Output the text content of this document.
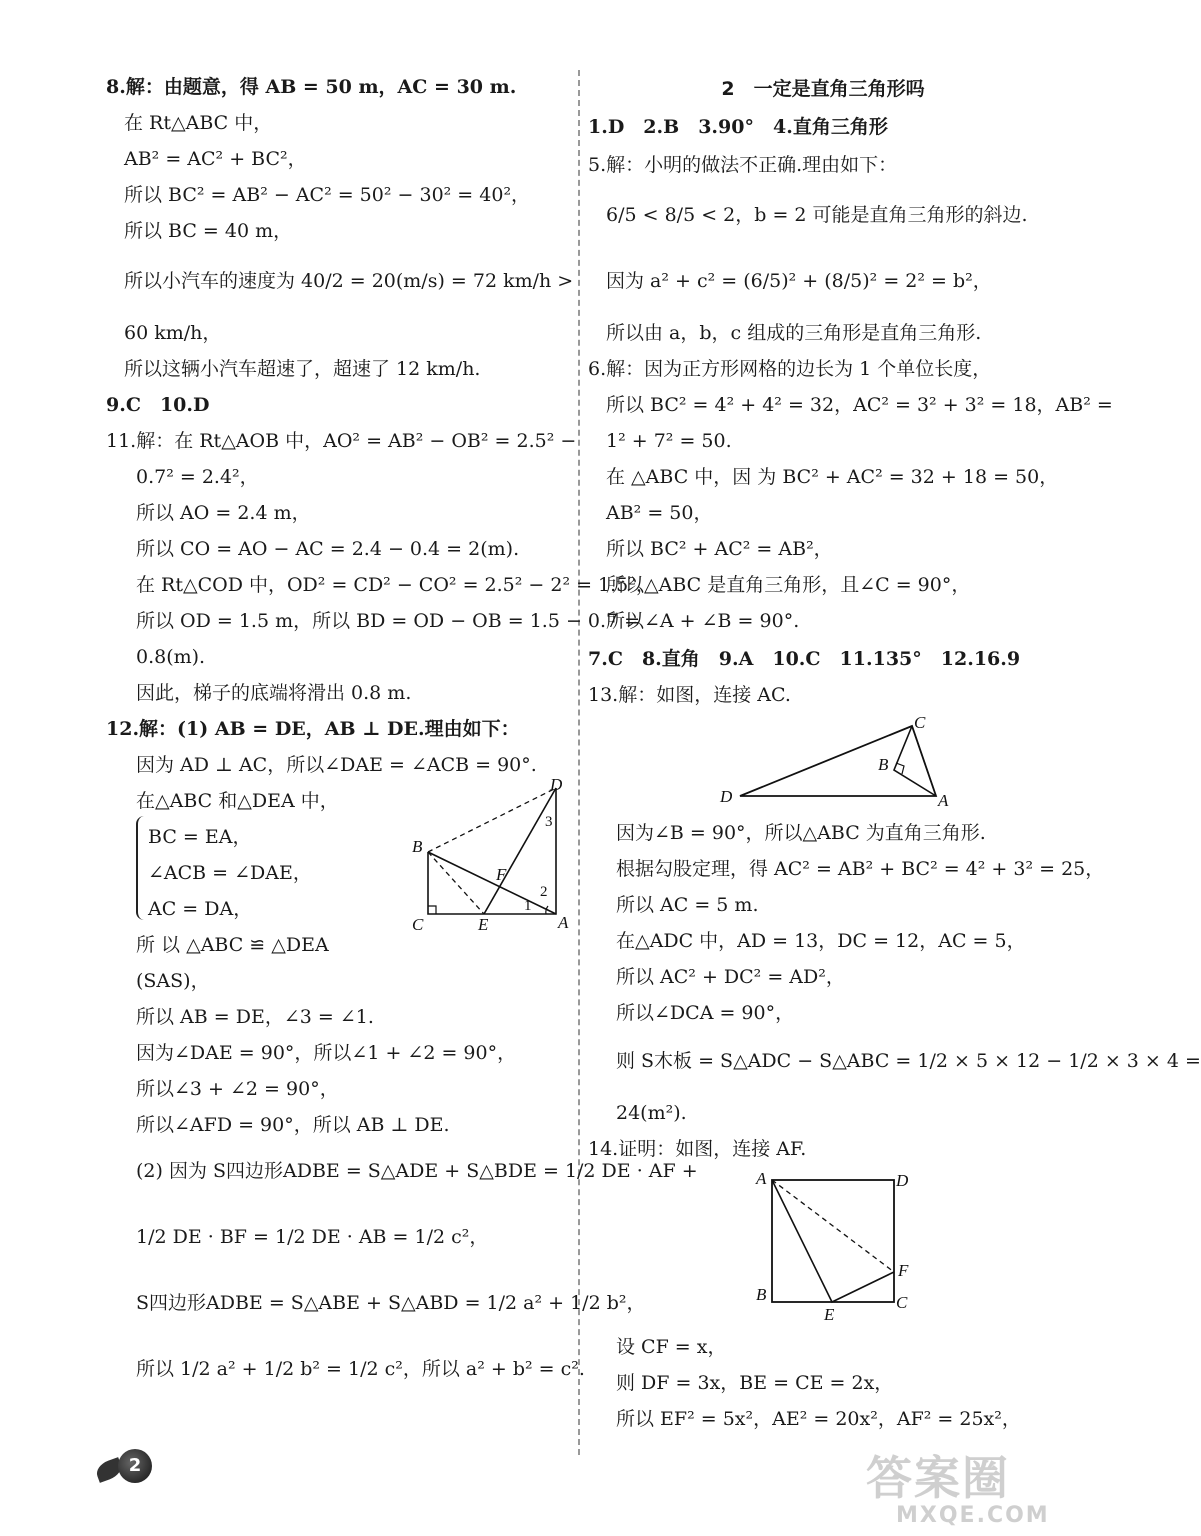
8.解：由题意，得 AB = 50 m，AC = 30 m.
在 Rt△ABC 中，
AB² = AC² + BC²，
所以 BC² = AB² − AC² = 50² − 30² = 40²，
所以 BC = 40 m，
所以小汽车的速度为 40/2 = 20(m/s) = 72 km/h >
60 km/h，
所以这辆小汽车超速了，超速了 12 km/h.
9.C　10.D
11.解：在 Rt△AOB 中，AO² = AB² − OB² = 2.5² −
0.7² = 2.4²，
所以 AO = 2.4 m，
所以 CO = AO − AC = 2.4 − 0.4 = 2(m).
在 Rt△COD 中，OD² = CD² − CO² = 2.5² − 2² = 1.5²，
所以 OD = 1.5 m，所以 BD = OD − OB = 1.5 − 0.7 =
0.8(m).
因此，梯子的底端将滑出 0.8 m.
12.解：(1) AB = DE，AB ⊥ DE.理由如下：
因为 AD ⊥ AC，所以∠DAE = ∠ACB = 90°.
在△ABC 和△DEA 中，
BC = EA，
∠ACB = ∠DAE，
AC = DA，
所 以 △ABC ≌ △DEA
(SAS)，
所以 AB = DE，∠3 = ∠1.
因为∠DAE = 90°，所以∠1 + ∠2 = 90°，
所以∠3 + ∠2 = 90°，
所以∠AFD = 90°，所以 AB ⊥ DE.
(2) 因为 S四边形ADBE = S△ADE + S△BDE = 1/2 DE · AF +
1/2 DE · BF = 1/2 DE · AB = 1/2 c²，
S四边形ADBE = S△ABE + S△ABD = 1/2 a² + 1/2 b²，
所以 1/2 a² + 1/2 b² = 1/2 c²，所以 a² + b² = c².
D
3
B
F
2
1
C	E	A
2　一定是直角三角形吗
1.D　2.B　3.90°　4.直角三角形
5.解：小明的做法不正确.理由如下：
6/5 < 8/5 < 2，b = 2 可能是直角三角形的斜边.
因为 a² + c² = (6/5)² + (8/5)² = 2² = b²，
所以由 a，b，c 组成的三角形是直角三角形.
6.解：因为正方形网格的边长为 1 个单位长度，
所以 BC² = 4² + 4² = 32，AC² = 3² + 3² = 18，AB² =
1² + 7² = 50.
在 △ABC 中，因 为 BC² + AC² = 32 + 18 = 50，
AB² = 50，
所以 BC² + AC² = AB²，
所以△ABC 是直角三角形，且∠C = 90°，
所以∠A + ∠B = 90°.
7.C　8.直角　9.A　10.C　11.135°　12.16.9
13.解：如图，连接 AC.
C
B
D	A
因为∠B = 90°，所以△ABC 为直角三角形.
根据勾股定理，得 AC² = AB² + BC² = 4² + 3² = 25，
所以 AC = 5 m.
在△ADC 中，AD = 13，DC = 12，AC = 5，
所以 AC² + DC² = AD²，
所以∠DCA = 90°，
则 S木板 = S△ADC − S△ABC = 1/2 × 5 × 12 − 1/2 × 3 × 4 =
24(m²).
14.证明：如图，连接 AF.
A	D
F
B
E
C
设 CF = x，
则 DF = 3x，BE = CE = 2x，
所以 EF² = 5x²，AE² = 20x²，AF² = 25x²，
2	答案圈
MXQE.COM
